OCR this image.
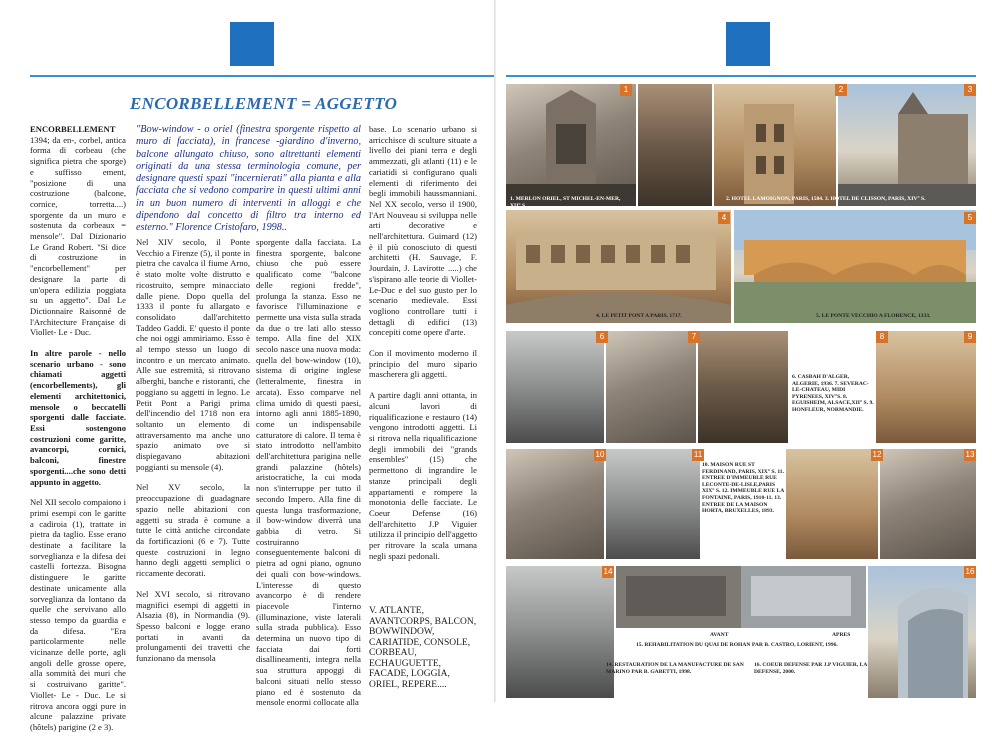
ENCORBELLEMENT = AGGETTO

ENCORBELLEMENT
1394; da en-, corbel, antica forma di corbeau (che significa pietra che sporge) e suffisso ement, "posizione di una costruzione (balcone, cornice, torretta....) sporgente da un muro e sostenuta da corbeaux = mensole". Dal Dizionario Le Grand Robert. "Si dice di costruzione in "encorbellement" per designare la parte di un'opera edilizia poggiata su un aggetto". Dal Le Dictionnaire Raisonné de l'Architecture Française di Viollet- Le - Duc.

In altre parole - nello scenario urbano - sono chiamati aggetti (encorbellements), gli elementi architettonici, mensole o beccatelli sporgenti dalle facciate. Essi sostengono costruzioni come garitte, avancorpi, cornici, balconi, finestre sporgenti....che sono detti appunto in aggetto.

Nel XII secolo compaiono i primi esempi con le garitte a cadiroia (1), trattate in pietra da taglio. Esse erano destinate a facilitare la sorveglianza e la difesa dei castelli fortezza. Bisogna distinguere le garitte destinate unicamente alla sorveglianza da lontano da quelle che servivano allo stesso tempo da guardia e da difesa. "Era particolarmente nelle vicinanze delle porte, agli angoli delle grosse opere, alla sommità dei muri che si costruivano garitte". Viollet- Le - Duc. Le si ritrova ancora oggi pure in alcune palazzine private (hôtels) parigine (2 e 3).

"Bow-window - o oriel (finestra sporgente rispetto al muro di facciata), in francese -giardino d'inverno, balcone allungato chiuso, sono altrettanti elementi originati da una stessa terminologia comune, per designare questi spazi "incernierati" alla pianta e alla facciata che si vedono comparire in questi ultimi anni in un buon numero di interventi in alloggi e che dipendono dal concetto di filtro tra interno ed esterno." Florence Cristofaro, 1998..

Nel XIV secolo, il Ponte Vecchio a Firenze (5), il ponte in pietra che cavalca il fiume Arno, è stato molte volte distrutto e ricostruito, sempre minacciato dalle piene. Dopo quella del 1333 il ponte fu allargato e consolidato dall'architetto Taddeo Gaddi. E' questo il ponte che noi oggi ammiriamo. Esso è al tempo stesso un luogo di incontro e un mercato animato. Alle sue estremità, si ritrovano alberghi, banche e ristoranti, che poggiano su aggetti in legno. Le Petit Pont a Parigi prima dell'incendio del 1718 non era soltanto un elemento di attraversamento ma anche uno spazio animato ove si dispiegavano abitazioni poggianti su mensole (4).

Nel XV secolo, la preoccupazione di guadagnare spazio nelle abitazioni con aggetti su strada è comune a tutte le città antiche circondate da fortificazioni (6 e 7). Tutte queste costruzioni in legno hanno degli aggetti semplici o riccamente decorati.

Nel XVI secolo, si ritrovano magnifici esempi di aggetti in Alsazia (8), in Normandia (9). Spesso balconi e logge erano portati in avanti da prolungamenti dei travetti che funzionano da mensola

sporgente dalla facciata. La finestra sporgente, balcone chiuso che può essere qualificato come "balcone delle regioni fredde", prolunga la stanza. Esso ne favorisce l'illuminazione e permette una vista sulla strada da due o tre lati allo stesso tempo. Alla fine del XIX secolo nasce una nuova moda: quella del bow-window (10), sistema di origine inglese (letteralmente, finestra in arcata). Esso comparve nel clima umido di questi paesi, intorno agli anni 1885-1890, come un indispensabile catturatore di calore. Il tema è stato introdotto nell'ambito dell'architettura parigina nelle grandi palazzine (hôtels) aristocratiche, la cui moda non s'interruppe per tutto il secondo Impero. Alla fine di questa lunga trasformazione, il bow-window diverrà una gabbia di vetro. Si costruiranno conseguentemente balconi di pietra ad ogni piano, ognuno dei quali con bow-windows. L'interesse di questo avancorpo è di rendere piacevole l'interno (illuminazione, viste laterali sulla strada pubblica). Esso determina un nuovo tipo di facciata dai forti disallineamenti, integra nella sua struttura appoggi di balconi situati nello stesso piano ed è sostenuto da mensole enormi collocate alla

base. Lo scenario urbano si arricchisce di sculture situate a livello dei piani terra e degli ammezzati, gli atlanti (11) e le cariatidi si configurano quali elementi di riferimento dei begli immobili haussmanniani. Nel XX secolo, verso il 1900, l'Art Nouveau si sviluppa nelle arti decorative e nell'architettura. Guimard (12) è il più conosciuto di questi architetti (H. Sauvage, F. Jourdain, J. Lavirotte .....) che s'ispirano alle teorie di Viollet-Le-Duc e del suo gusto per lo scenario medievale. Essi vogliono controllare tutti i dettagli di edifici (13) concepiti come opere d'arte.

Con il movimento moderno il principio del muro sipario mascherera gli aggetti.

A partire dagli anni ottanta, in alcuni lavori di riqualificazione e restauro (14) vengono introdotti aggetti. Li si ritrova nella riqualificazione degli immobili dei "grands ensembles" (15) che permettono di ingrandire le stanze principali degli appartamenti e rompere la monotonia delle facciate. Le Coeur Defense (16) dell'architetto J.P Viguier utilizza il principio dell'aggetto per ritrovare la scala umana negli spazi pedonali.

V. ATLANTE, AVANTCORPS, BALCON, BOWWINDOW, CARIATIDE, CONSOLE, CORBEAU, ECHAUGUETTE, FACADE, LOGGIA, ORIEL, REPERE....
1	2	3
1. MERLON ORIEL, ST MICHEL-EN-MER, XII° S.
2. HOTEL LAMOIGNON, PARIS, 1584. 3. HOTEL DE CLISSON, PARIS, XIV° S.
4	5
4. LE PETIT PONT A PARIS, 1717.	5. LE PONTE VECCHIO A FLORENCE, 1333.
6. CASBAH D'ALGER, ALGERIE, 1936. 7. SEVERAC-LE-CHATEAU, MIDI PYRENEES, XIV°S. 8. EGUISHEIM, ALSACE,XII° S. 9. HONFLEUR, NORMANDIE.
6	7	8	9
10. MAISON RUE ST FERDINAND, PARIS, XIX° S. 11. ENTREE D'IMMEUBLE RUE LECONTE-DE-LISLE,PARIS XIX° S. 12. IMMEUBLE RUE LA FONTAINE, PARIS, 1910-11. 13. ENTREE DE LA MAISON HORTA, BRUXELLES, 1893.
10	11	12	13
AVANT	APRES
15. REHABILITATION DU QUAI DE ROHAN PAR B. CASTRO, LORIENT, 1996.
14. RESTAURATION DE LA MANUFACTURE DE SAN MARINO PAR B. GABETTI, 1998.
16. COEUR DEFENSE PAR J.P VIGUIER, LA DEFENSE, 2000.
14	16
